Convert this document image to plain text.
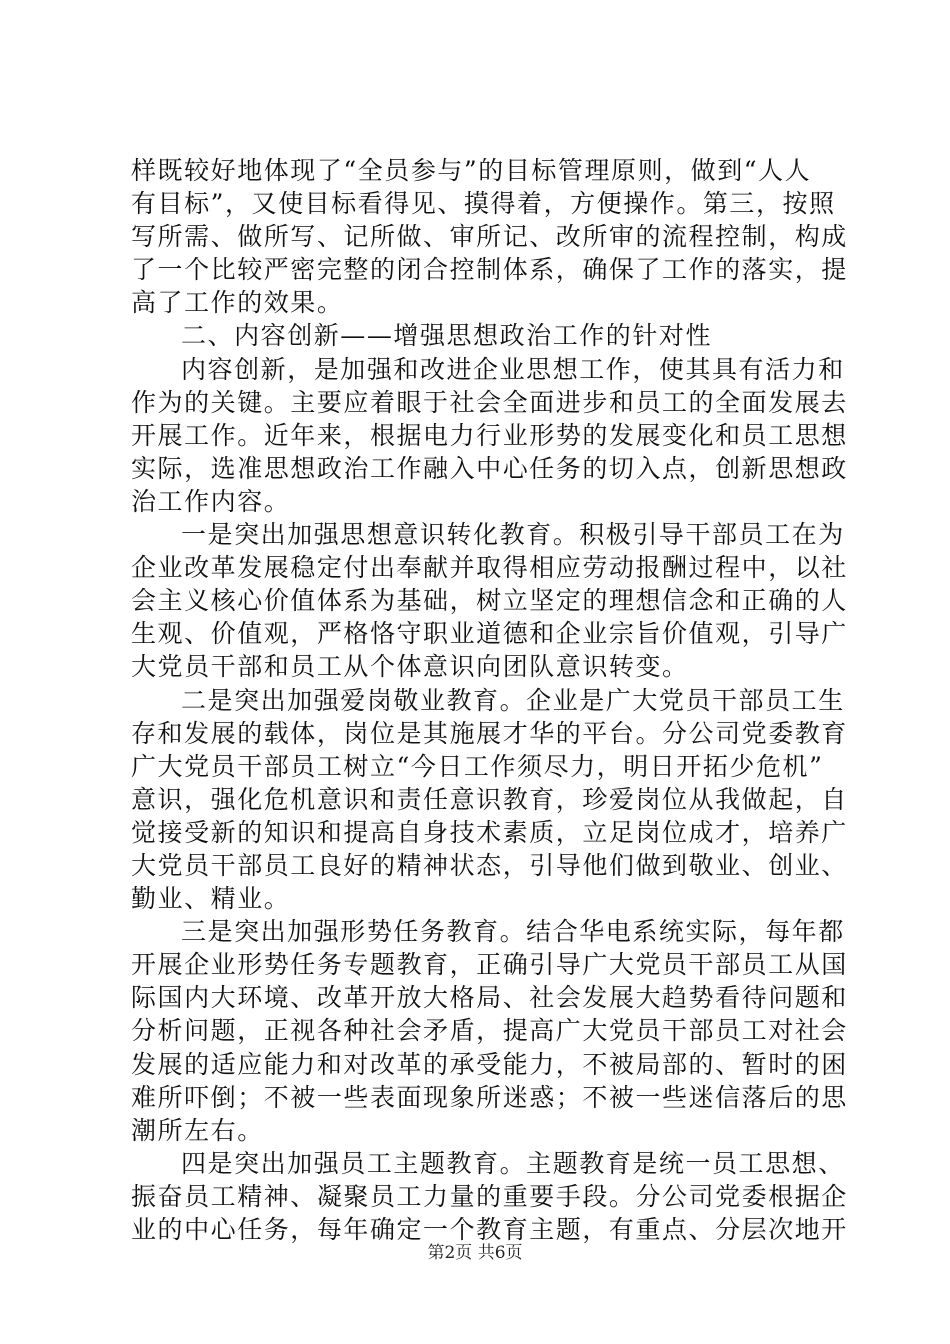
样既较好地体现了“全员参与”的目标管理原则，做到“人人
有目标”，又使目标看得见、摸得着，方便操作。第三，按照
写所需、做所写、记所做、审所记、改所审的流程控制，构成
了一个比较严密完整的闭合控制体系，确保了工作的落实，提
高了工作的效果。
二、内容创新——增强思想政治工作的针对性
内容创新，是加强和改进企业思想工作，使其具有活力和
作为的关键。主要应着眼于社会全面进步和员工的全面发展去
开展工作。近年来，根据电力行业形势的发展变化和员工思想
实际，选准思想政治工作融入中心任务的切入点，创新思想政
治工作内容。
一是突出加强思想意识转化教育。积极引导干部员工在为
企业改革发展稳定付出奉献并取得相应劳动报酬过程中，以社
会主义核心价值体系为基础，树立坚定的理想信念和正确的人
生观、价值观，严格恪守职业道德和企业宗旨价值观，引导广
大党员干部和员工从个体意识向团队意识转变。
二是突出加强爱岗敬业教育。企业是广大党员干部员工生
存和发展的载体，岗位是其施展才华的平台。分公司党委教育
广大党员干部员工树立“今日工作须尽力，明日开拓少危机”
意识，强化危机意识和责任意识教育，珍爱岗位从我做起，自
觉接受新的知识和提高自身技术素质，立足岗位成才，培养广
大党员干部员工良好的精神状态，引导他们做到敬业、创业、
勤业、精业。
三是突出加强形势任务教育。结合华电系统实际，每年都
开展企业形势任务专题教育，正确引导广大党员干部员工从国
际国内大环境、改革开放大格局、社会发展大趋势看待问题和
分析问题，正视各种社会矛盾，提高广大党员干部员工对社会
发展的适应能力和对改革的承受能力，不被局部的、暂时的困
难所吓倒；不被一些表面现象所迷惑；不被一些迷信落后的思
潮所左右。
四是突出加强员工主题教育。主题教育是统一员工思想、
振奋员工精神、凝聚员工力量的重要手段。分公司党委根据企
业的中心任务，每年确定一个教育主题，有重点、分层次地开
第2页 共6页
